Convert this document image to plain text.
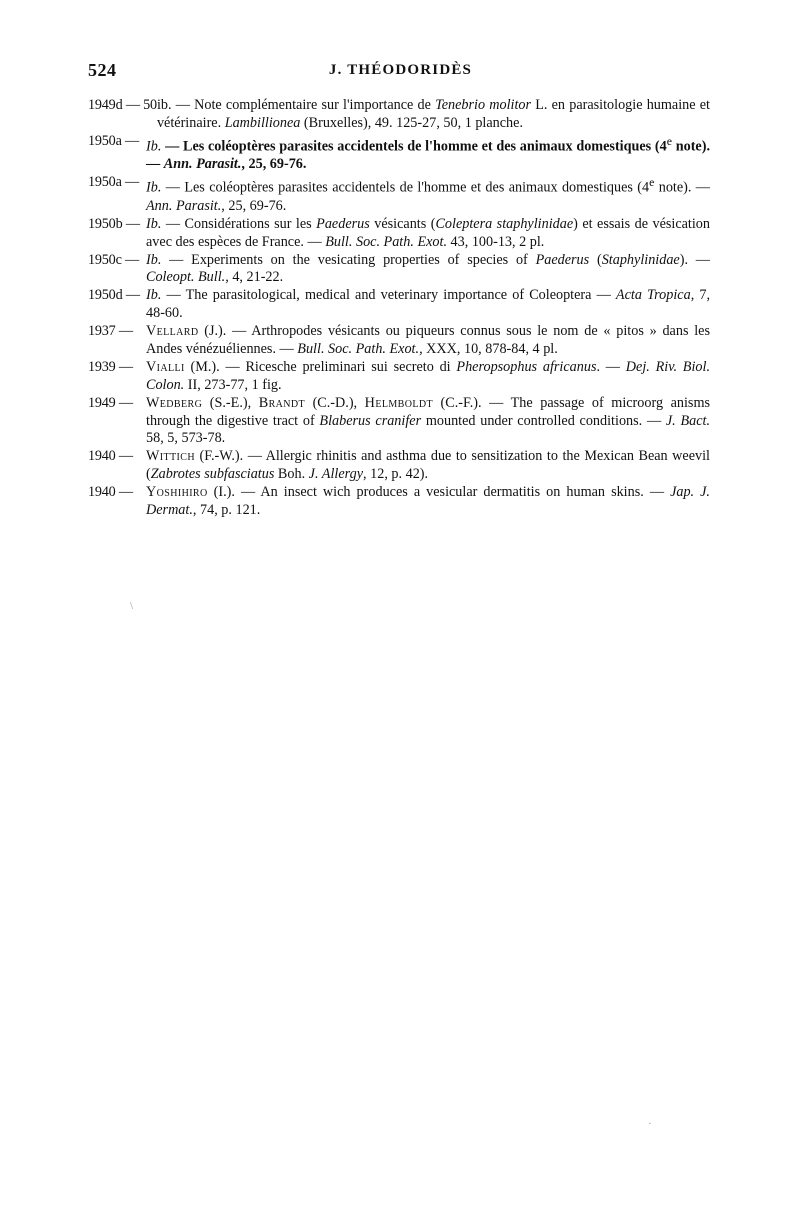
524	J. THÉODORIDÈS
1949d — 50 ib. — Note complémentaire sur l'importance de Tenebrio molitor L. en parasitologie humaine et vétérinaire. Lambillionea (Bruxelles), 49. 125-27, 50, 1 planche.
1950a — Ib. — Les coléoptères parasites accidentels de l'homme et des animaux domestiques (4e note). — Ann. Parasit., 25, 69-76.
1950a — Ib. — Les coléoptères parasites accidentels de l'homme et des animaux domestiques (4e note). — Ann. Parasit., 25, 69-76.
1950b — Ib. — Considérations sur les Paederus vésicants (Coleptera staphylinidae) et essais de vésication avec des espèces de France. — Bull. Soc. Path. Exot. 43, 100-13, 2 pl.
1950c — Ib. — Experiments on the vesicating properties of species of Paederus (Staphylinidae). — Coleopt. Bull., 4, 21-22.
1950d — Ib. — The parasitological, medical and veterinary importance of Coleoptera — Acta Tropica, 7, 48-60.
1937 — Vellard (J.). — Arthropodes vésicants ou piqueurs connus sous le nom de « pitos » dans les Andes vénézuéliennes. — Bull. Soc. Path. Exot., XXX, 10, 878-84, 4 pl.
1939 — Vialli (M.). — Ricesche preliminari sui secreto di Pheropsophus africanus. — Dej. Riv. Biol. Colon. II, 273-77, 1 fig.
1949 — Wedberg (S.-E.), Brandt (C.-D.), Helmboldt (C.-F.). — The passage of microorg anisms through the digestive tract of Blaberus cranifer mounted under controlled conditions. — J. Bact. 58, 5, 573-78.
1940 — Wittich (F.-W.). — Allergic rhinitis and asthma due to sensitization to the Mexican Bean weevil (Zabrotes subfasciatus Boh. J. Allergy, 12, p. 42).
1940 — Yoshihiro (I.). — An insect wich produces a vesicular dermatitis on human skins. — Jap. J. Dermat., 74, p. 121.
\
·
